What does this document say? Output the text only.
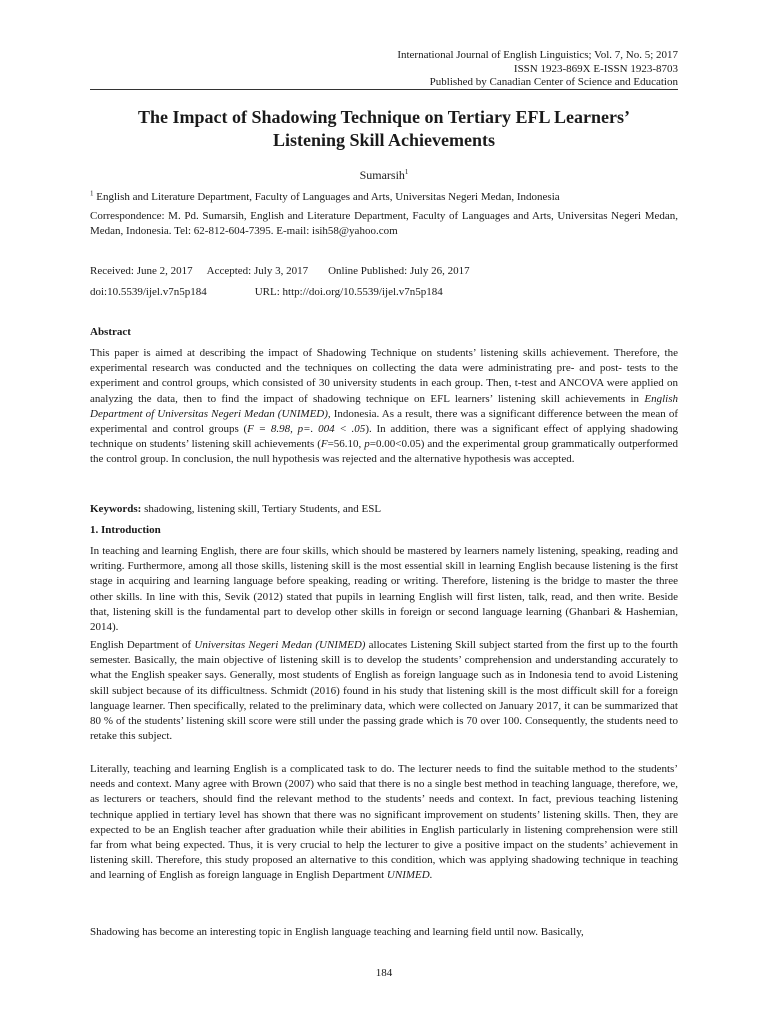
International Journal of English Linguistics; Vol. 7, No. 5; 2017
ISSN 1923-869X E-ISSN 1923-8703
Published by Canadian Center of Science and Education
The Impact of Shadowing Technique on Tertiary EFL Learners’
Listening Skill Achievements
Sumarsih$^1$
$^1$ English and Literature Department, Faculty of Languages and Arts, Universitas Negeri Medan, Indonesia
Correspondence: M. Pd. Sumarsih, English and Literature Department, Faculty of Languages and Arts, Universitas Negeri Medan, Medan, Indonesia. Tel: 62-812-604-7395. E-mail: isih58@yahoo.com
Received: June 2, 2017 Accepted: July 3, 2017 Online Published: July 26, 2017
doi:10.5539/ijel.v7n5p184	URL: http://doi.org/10.5539/ijel.v7n5p184
Abstract
This paper is aimed at describing the impact of Shadowing Technique on students’ listening skills achievement. Therefore, the experimental research was conducted and the techniques on collecting the data were administrating pre- and post- tests to the experiment and control groups, which consisted of 30 university students in each group. Then, t-test and ANCOVA were applied on analyzing the data, then to find the impact of shadowing technique on EFL learners’ listening skill achievements in English Department of Universitas Negeri Medan (UNIMED), Indonesia. As a result, there was a significant difference between the mean of experimental and control groups (F = 8.98, p=. 004 < .05). In addition, there was a significant effect of applying shadowing technique on students’ listening skill achievements (F=56.10, p=0.00<0.05) and the experimental group grammatically outperformed the control group. In conclusion, the null hypothesis was rejected and the alternative hypothesis was accepted.
Keywords: shadowing, listening skill, Tertiary Students, and ESL
1. Introduction
In teaching and learning English, there are four skills, which should be mastered by learners namely listening, speaking, reading and writing. Furthermore, among all those skills, listening skill is the most essential skill in learning English because listening is the first stage in acquiring and learning language before speaking, reading or writing. Therefore, listening is the bridge to master the three other skills. In line with this, Sevik (2012) stated that pupils in learning English will first listen, talk, read, and then write. Beside that, listening skill is the fundamental part to develop other skills in foreign or second language learning (Ghanbari & Hashemian, 2014).
English Department of Universitas Negeri Medan (UNIMED) allocates Listening Skill subject started from the first up to the fourth semester. Basically, the main objective of listening skill is to develop the students’ comprehension and understanding accurately to what the English speaker says. Generally, most students of English as foreign language such as in Indonesia tend to avoid Listening skill subject because of its difficultness. Schmidt (2016) found in his study that listening skill is the most difficult skill for a foreign language learner. Then specifically, related to the preliminary data, which were collected on January 2017, it can be summarized that 80 % of the students’ listening skill score were still under the passing grade which is 70 over 100. Consequently, the students need to retake this subject.
Literally, teaching and learning English is a complicated task to do. The lecturer needs to find the suitable method to the students’ needs and context. Many agree with Brown (2007) who said that there is no a single best method in teaching language, therefore, we, as lecturers or teachers, should find the relevant method to the students’ needs and context. In fact, previous teaching listening technique applied in tertiary level has shown that there was no significant improvement on students’ listening skills. Then, they are expected to be an English teacher after graduation while their abilities in English particularly in listening comprehension were still far from what being expected. Thus, it is very crucial to help the lecturer to give a positive impact on the students’ achievement in listening skill. Therefore, this study proposed an alternative to this condition, which was applying shadowing technique in teaching and learning of English as foreign language in English Department UNIMED.
Shadowing has become an interesting topic in English language teaching and learning field until now. Basically,
184
